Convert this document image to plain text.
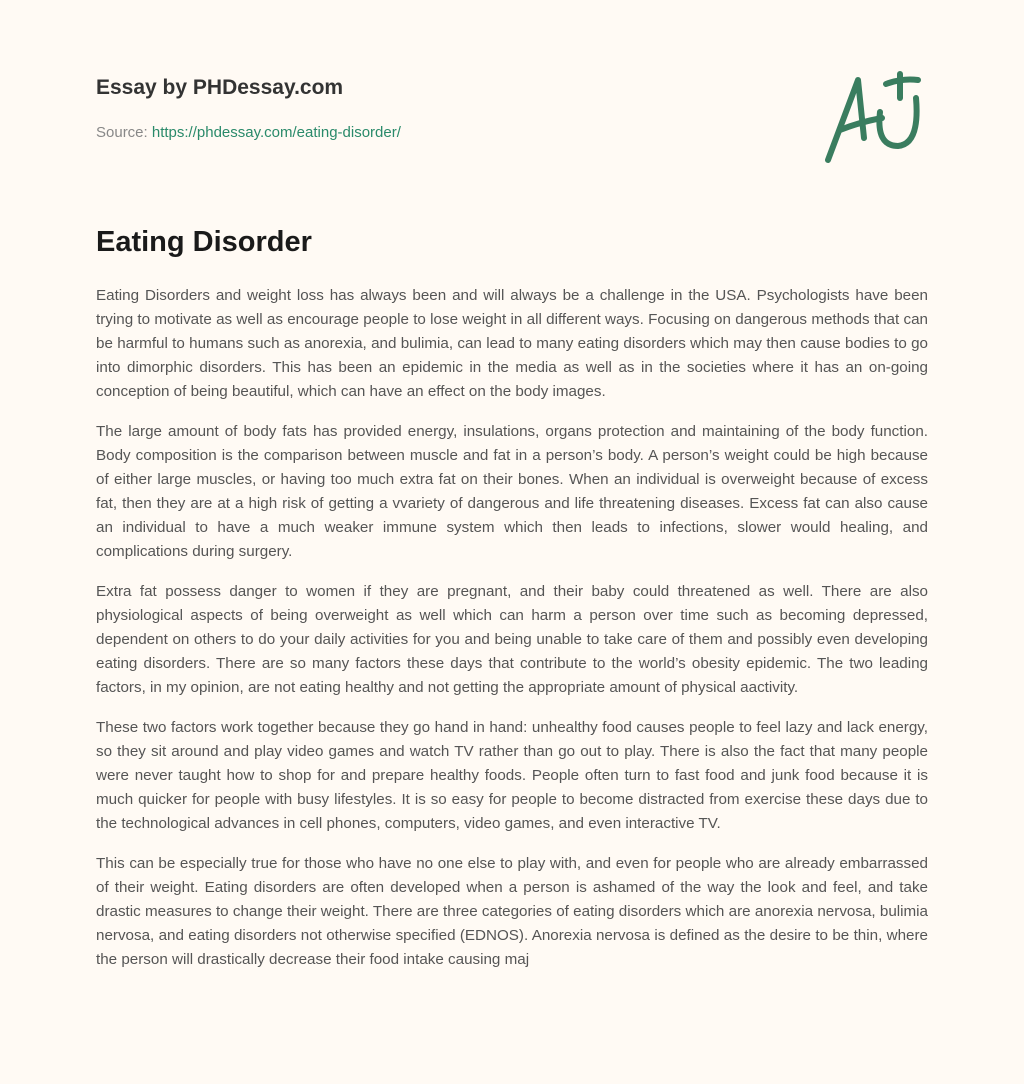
Essay by PHDessay.com
Source: https://phdessay.com/eating-disorder/
Eating Disorder

Eating Disorders and weight loss has always been and will always be a challenge in the USA. Psychologists have been trying to motivate as well as encourage people to lose weight in all different ways. Focusing on dangerous methods that can be harmful to humans such as anorexia, and bulimia, can lead to many eating disorders which may then cause bodies to go into dimorphic disorders. This has been an epidemic in the media as well as in the societies where it has an on-going conception of being beautiful, which can have an effect on the body images.

The large amount of body fats has provided energy, insulations, organs protection and maintaining of the body function. Body composition is the comparison between muscle and fat in a person’s body. A person’s weight could be high because of either large muscles, or having too much extra fat on their bones. When an individual is overweight because of excess fat, then they are at a high risk of getting a vvariety of dangerous and life threatening diseases. Excess fat can also cause an individual to have a much weaker immune system which then leads to infections, slower would healing, and complications during surgery.

Extra fat possess danger to women if they are pregnant, and their baby could threatened as well. There are also physiological aspects of being overweight as well which can harm a person over time such as becoming depressed, dependent on others to do your daily activities for you and being unable to take care of them and possibly even developing eating disorders. There are so many factors these days that contribute to the world’s obesity epidemic. The two leading factors, in my opinion, are not eating healthy and not getting the appropriate amount of physical aactivity.

These two factors work together because they go hand in hand: unhealthy food causes people to feel lazy and lack energy, so they sit around and play video games and watch TV rather than go out to play. There is also the fact that many people were never taught how to shop for and prepare healthy foods. People often turn to fast food and junk food because it is much quicker for people with busy lifestyles. It is so easy for people to become distracted from exercise these days due to the technological advances in cell phones, computers, video games, and even interactive TV.

This can be especially true for those who have no one else to play with, and even for people who are already embarrassed of their weight. Eating disorders are often developed when a person is ashamed of the way the look and feel, and take drastic measures to change their weight. There are three categories of eating disorders which are anorexia nervosa, bulimia nervosa, and eating disorders not otherwise specified (EDNOS). Anorexia nervosa is defined as the desire to be thin, where the person will drastically decrease their food intake causing maj
